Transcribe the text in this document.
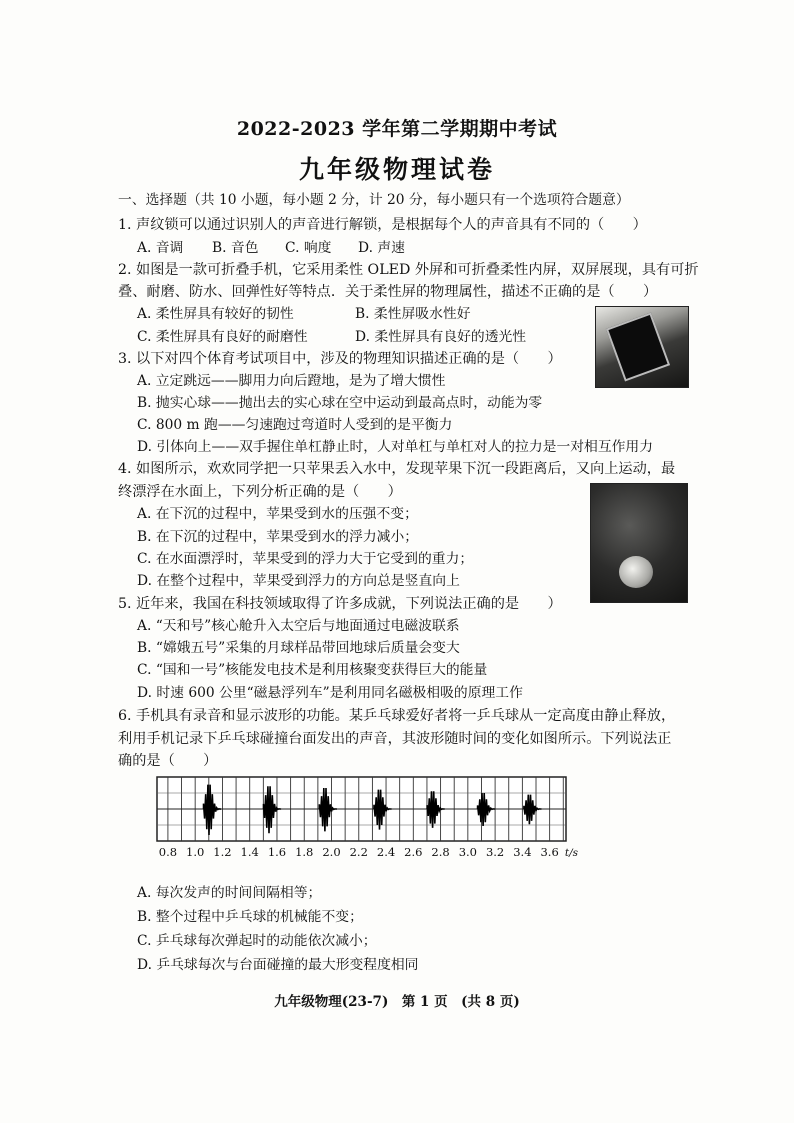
2022-2023 学年第二学期期中考试
九年级物理试卷
一、选择题（共 10 小题，每小题 2 分，计 20 分，每小题只有一个选项符合题意）
1. 声纹锁可以通过识别人的声音进行解锁，是根据每个人的声音具有不同的（　　）
A. 音调 B. 音色 C. 响度 D. 声速
2. 如图是一款可折叠手机，它采用柔性 OLED 外屏和可折叠柔性内屏，双屏展现，具有可折
叠、耐磨、防水、回弹性好等特点．关于柔性屏的物理属性，描述不正确的是（　　）
A. 柔性屏具有较好的韧性	B. 柔性屏吸水性好
C. 柔性屏具有良好的耐磨性	D. 柔性屏具有良好的透光性
3. 以下对四个体育考试项目中，涉及的物理知识描述正确的是（　　）
A. 立定跳远——脚用力向后蹬地，是为了增大惯性
B. 抛实心球——抛出去的实心球在空中运动到最高点时，动能为零
C. 800 m 跑——匀速跑过弯道时人受到的是平衡力
D. 引体向上——双手握住单杠静止时，人对单杠与单杠对人的拉力是一对相互作用力
4. 如图所示，欢欢同学把一只苹果丢入水中，发现苹果下沉一段距离后，又向上运动，最
终漂浮在水面上，下列分析正确的是（　　）
A. 在下沉的过程中，苹果受到水的压强不变；
B. 在下沉的过程中，苹果受到水的浮力减小；
C. 在水面漂浮时，苹果受到的浮力大于它受到的重力；
D. 在整个过程中，苹果受到浮力的方向总是竖直向上
5. 近年来，我国在科技领域取得了许多成就，下列说法正确的是　　）
A. “天和号”核心舱升入太空后与地面通过电磁波联系
B. “嫦娥五号”采集的月球样品带回地球后质量会变大
C. “国和一号”核能发电技术是利用核聚变获得巨大的能量
D. 时速 600 公里“磁悬浮列车”是利用同名磁极相吸的原理工作
6. 手机具有录音和显示波形的功能。某乒乓球爱好者将一乒乓球从一定高度由静止释放，
利用手机记录下乒乓球碰撞台面发出的声音，其波形随时间的变化如图所示。下列说法正
确的是（　　）
0.8 1.0 1.2 1.4 1.6 1.8 2.0 2.2 2.4 2.6 2.8 3.0 3.2 3.4 3.6 t/s
A. 每次发声的时间间隔相等；
B. 整个过程中乒乓球的机械能不变；
C. 乒乓球每次弹起时的动能依次减小；
D. 乒乓球每次与台面碰撞的最大形变程度相同
九年级物理(23-7)　第 1 页　(共 8 页)
